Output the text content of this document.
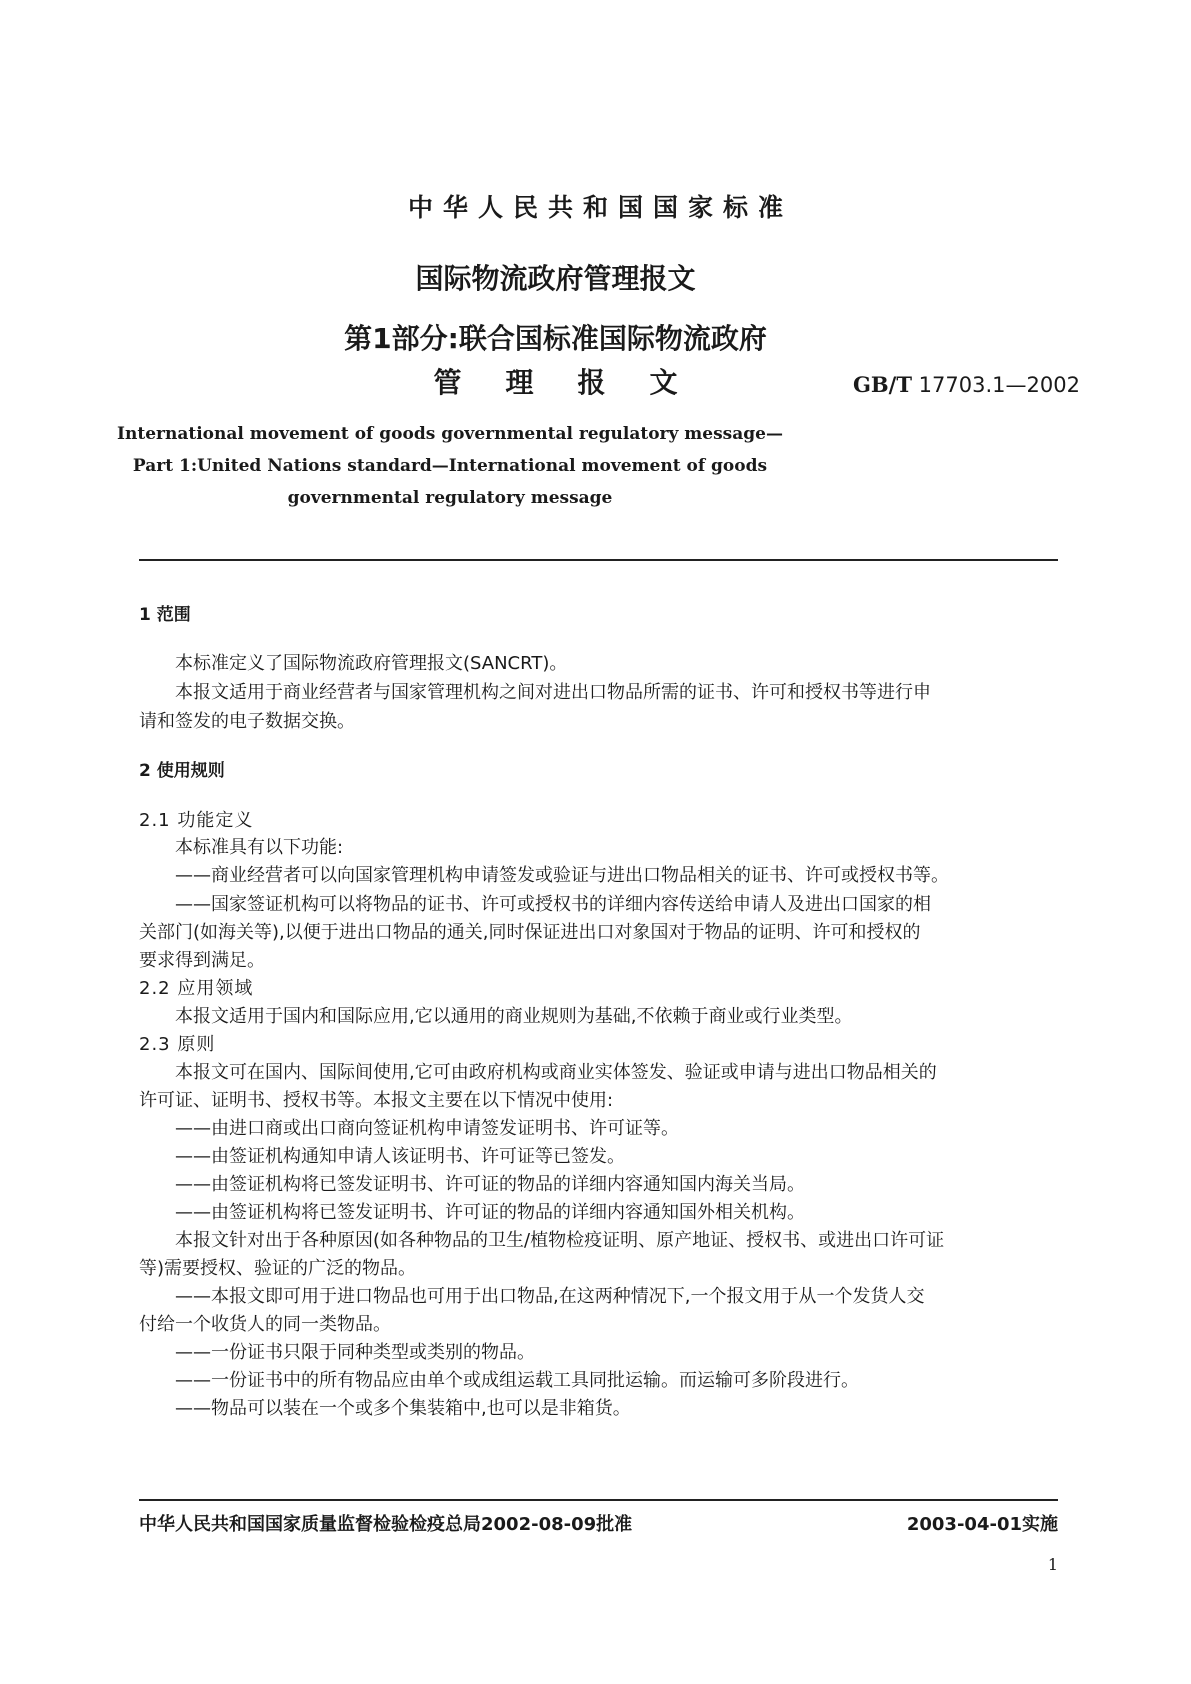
中华人民共和国国家标准
国际物流政府管理报文
第1部分:联合国标准国际物流政府
管理报文	GB/T 17703.1—2002
International movement of goods governmental regulatory message—
Part 1:United Nations standard—International movement of goods
governmental regulatory message
1 范围
本标准定义了国际物流政府管理报文(SANCRT)。
本报文适用于商业经营者与国家管理机构之间对进出口物品所需的证书、许可和授权书等进行申
请和签发的电子数据交换。
2 使用规则
2.1 功能定义
本标准具有以下功能:
——商业经营者可以向国家管理机构申请签发或验证与进出口物品相关的证书、许可或授权书等。
——国家签证机构可以将物品的证书、许可或授权书的详细内容传送给申请人及进出口国家的相
关部门(如海关等),以便于进出口物品的通关,同时保证进出口对象国对于物品的证明、许可和授权的
要求得到满足。
2.2 应用领域
本报文适用于国内和国际应用,它以通用的商业规则为基础,不依赖于商业或行业类型。
2.3 原则
本报文可在国内、国际间使用,它可由政府机构或商业实体签发、验证或申请与进出口物品相关的
许可证、证明书、授权书等。本报文主要在以下情况中使用:
——由进口商或出口商向签证机构申请签发证明书、许可证等。
——由签证机构通知申请人该证明书、许可证等已签发。
——由签证机构将已签发证明书、许可证的物品的详细内容通知国内海关当局。
——由签证机构将已签发证明书、许可证的物品的详细内容通知国外相关机构。
本报文针对出于各种原因(如各种物品的卫生/植物检疫证明、原产地证、授权书、或进出口许可证
等)需要授权、验证的广泛的物品。
——本报文即可用于进口物品也可用于出口物品,在这两种情况下,一个报文用于从一个发货人交
付给一个收货人的同一类物品。
——一份证书只限于同种类型或类别的物品。
——一份证书中的所有物品应由单个或成组运载工具同批运输。而运输可多阶段进行。
——物品可以装在一个或多个集装箱中,也可以是非箱货。
中华人民共和国国家质量监督检验检疫总局2002-08-09批准	2003-04-01实施
1
